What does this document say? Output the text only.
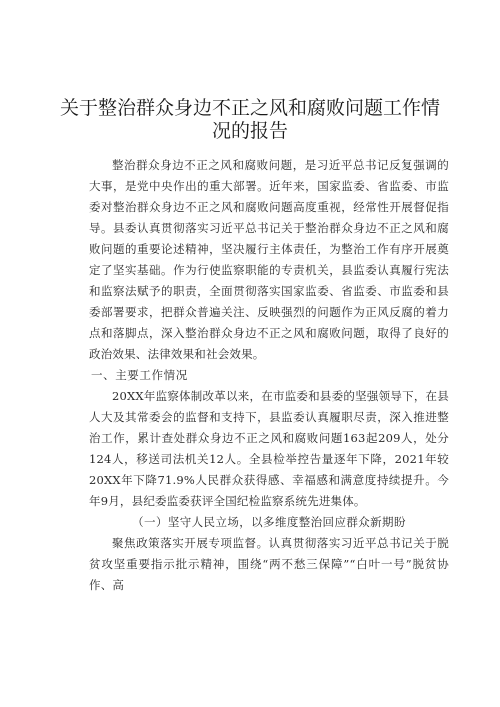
关于整治群众身边不正之风和腐败问题工作情
况的报告

整治群众身边不正之风和腐败问题，是习近平总书记反复强调的大事，是党中央作出的重大部署。近年来，国家监委、省监委、市监委对整治群众身边不正之风和腐败问题高度重视，经常性开展督促指导。县委认真贯彻落实习近平总书记关于整治群众身边不正之风和腐败问题的重要论述精神，坚决履行主体责任，为整治工作有序开展奠定了坚实基础。作为行使监察职能的专责机关，县监委认真履行宪法和监察法赋予的职责，全面贯彻落实国家监委、省监委、市监委和县委部署要求，把群众普遍关注、反映强烈的问题作为正风反腐的着力点和落脚点，深入整治群众身边不正之风和腐败问题，取得了良好的政治效果、法律效果和社会效果。

一、主要工作情况

20XX年监察体制改革以来，在市监委和县委的坚强领导下，在县人大及其常委会的监督和支持下，县监委认真履职尽责，深入推进整治工作，累计查处群众身边不正之风和腐败问题163起209人，处分124人，移送司法机关12人。全县检举控告量逐年下降，2021年较20XX年下降71.9%人民群众获得感、幸福感和满意度持续提升。今年9月，县纪委监委获评全国纪检监察系统先进集体。

（一）坚守人民立场，以多维度整治回应群众新期盼

聚焦政策落实开展专项监督。认真贯彻落实习近平总书记关于脱贫攻坚重要指示批示精神，围绕“两不愁三保障”“白叶一号”脱贫协作、高
